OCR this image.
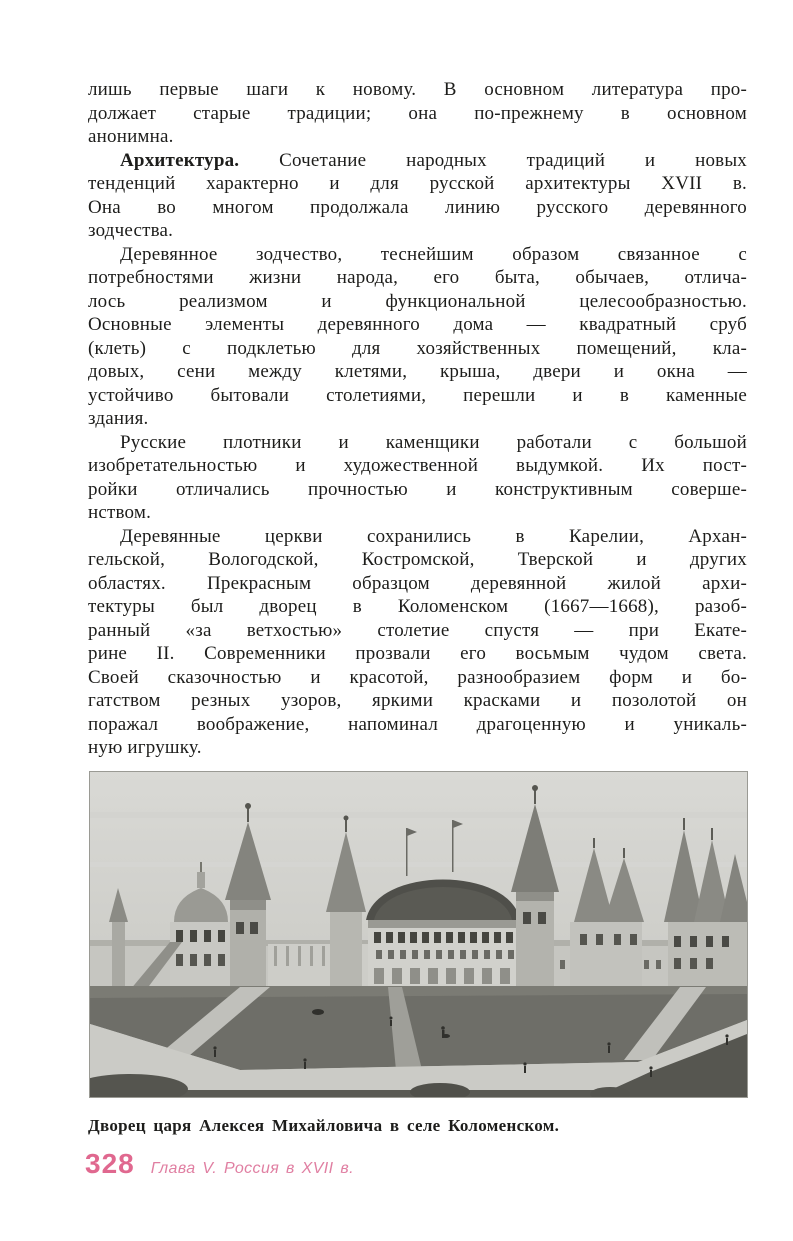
лишь первые шаги к новому. В основном литература про-
должает старые традиции; она по-прежнему в основном
анонимна.
Архитектура. Сочетание народных традиций и новых
тенденций характерно и для русской архитектуры XVII в.
Она во многом продолжала линию русского деревянного
зодчества.
Деревянное зодчество, теснейшим образом связанное с
потребностями жизни народа, его быта, обычаев, отлича-
лось реализмом и функциональной целесообразностью.
Основные элементы деревянного дома — квадратный сруб
(клеть) с подклетью для хозяйственных помещений, кла-
довых, сени между клетями, крыша, двери и окна —
устойчиво бытовали столетиями, перешли и в каменные
здания.
Русские плотники и каменщики работали с большой
изобретательностью и художественной выдумкой. Их пост-
ройки отличались прочностью и конструктивным соверше-
нством.
Деревянные церкви сохранились в Карелии, Архан-
гельской, Вологодской, Костромской, Тверской и других
областях. Прекрасным образцом деревянной жилой архи-
тектуры был дворец в Коломенском (1667—1668), разоб-
ранный «за ветхостью» столетие спустя — при Екате-
рине II. Современники прозвали его восьмым чудом света.
Своей сказочностью и красотой, разнообразием форм и бо-
гатством резных узоров, яркими красками и позолотой он
поражал воображение, напоминал драгоценную и уникаль-
ную игрушку.
Дворец царя Алексея Михайловича в селе Коломенском.
328 Глава V. Россия в XVII в.
